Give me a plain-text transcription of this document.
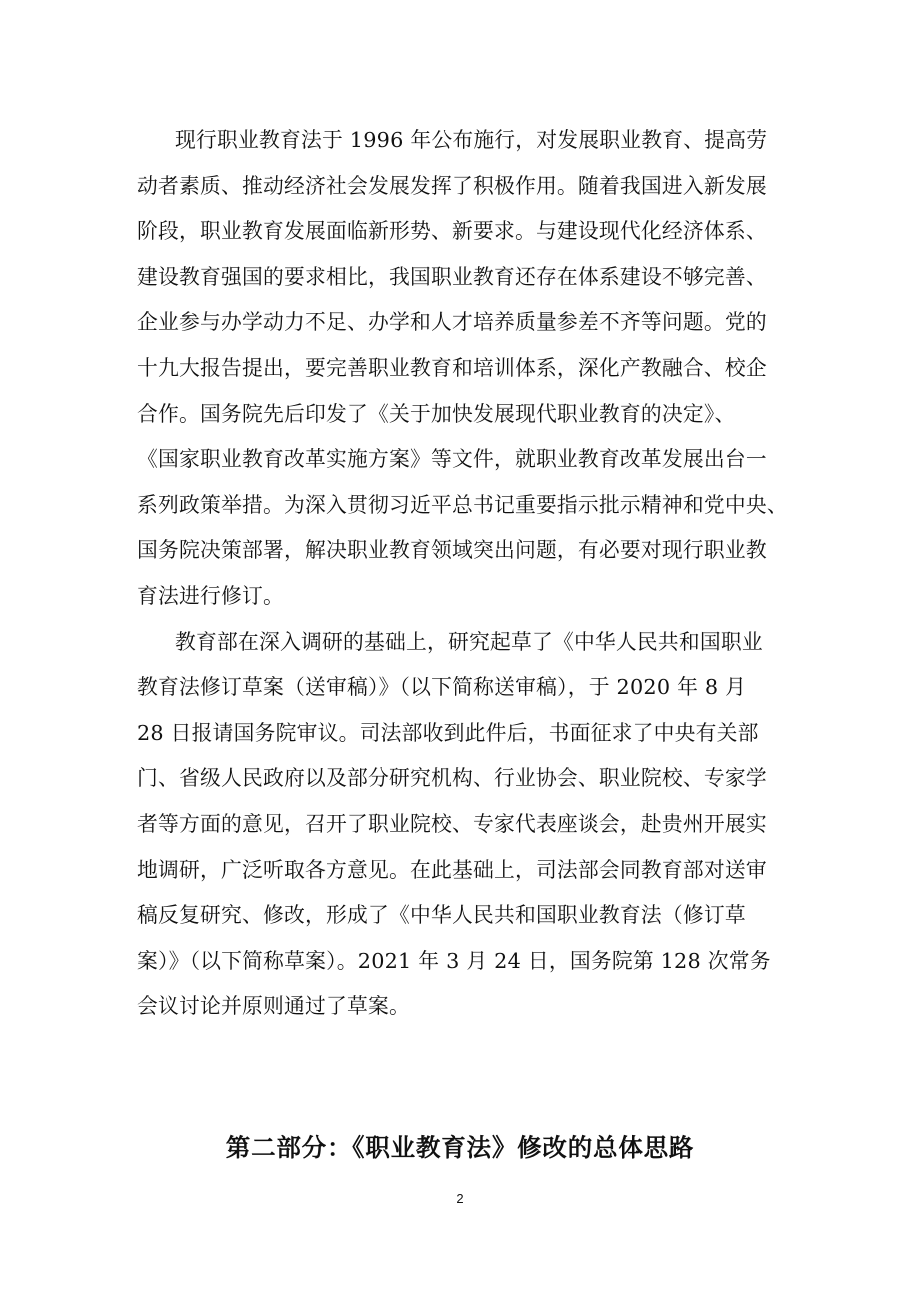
现行职业教育法于 1996 年公布施行，对发展职业教育、提高劳
动者素质、推动经济社会发展发挥了积极作用。随着我国进入新发展
阶段，职业教育发展面临新形势、新要求。与建设现代化经济体系、
建设教育强国的要求相比，我国职业教育还存在体系建设不够完善、
企业参与办学动力不足、办学和人才培养质量参差不齐等问题。党的
十九大报告提出，要完善职业教育和培训体系，深化产教融合、校企
合作。国务院先后印发了《关于加快发展现代职业教育的决定》、
《国家职业教育改革实施方案》等文件，就职业教育改革发展出台一
系列政策举措。为深入贯彻习近平总书记重要指示批示精神和党中央、
国务院决策部署，解决职业教育领域突出问题，有必要对现行职业教
育法进行修订。
教育部在深入调研的基础上，研究起草了《中华人民共和国职业
教育法修订草案（送审稿）》（以下简称送审稿），于 2020 年 8 月
28 日报请国务院审议。司法部收到此件后，书面征求了中央有关部
门、省级人民政府以及部分研究机构、行业协会、职业院校、专家学
者等方面的意见，召开了职业院校、专家代表座谈会，赴贵州开展实
地调研，广泛听取各方意见。在此基础上，司法部会同教育部对送审
稿反复研究、修改，形成了《中华人民共和国职业教育法（修订草
案）》（以下简称草案）。2021 年 3 月 24 日，国务院第 128 次常务
会议讨论并原则通过了草案。
第二部分：《职业教育法》修改的总体思路
2
